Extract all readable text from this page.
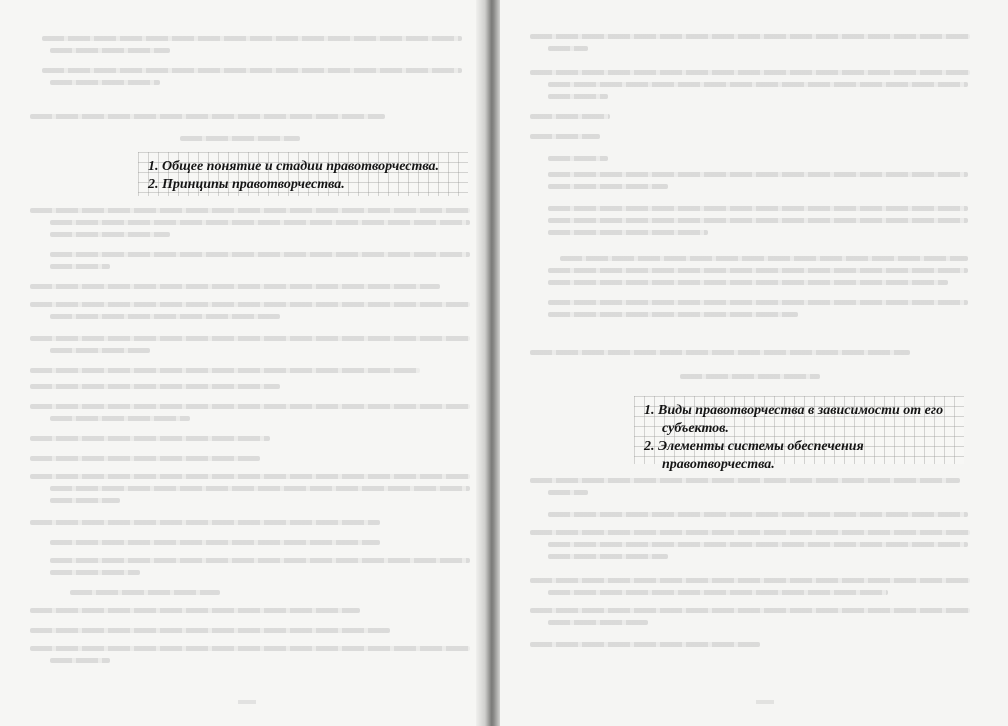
1. Общее понятие и стадии правотворчества.
2. Принципы правотворчества.
1. Виды правотворчества в зависимости от его
субъектов.
2. Элементы системы обеспечения
правотворчества.
